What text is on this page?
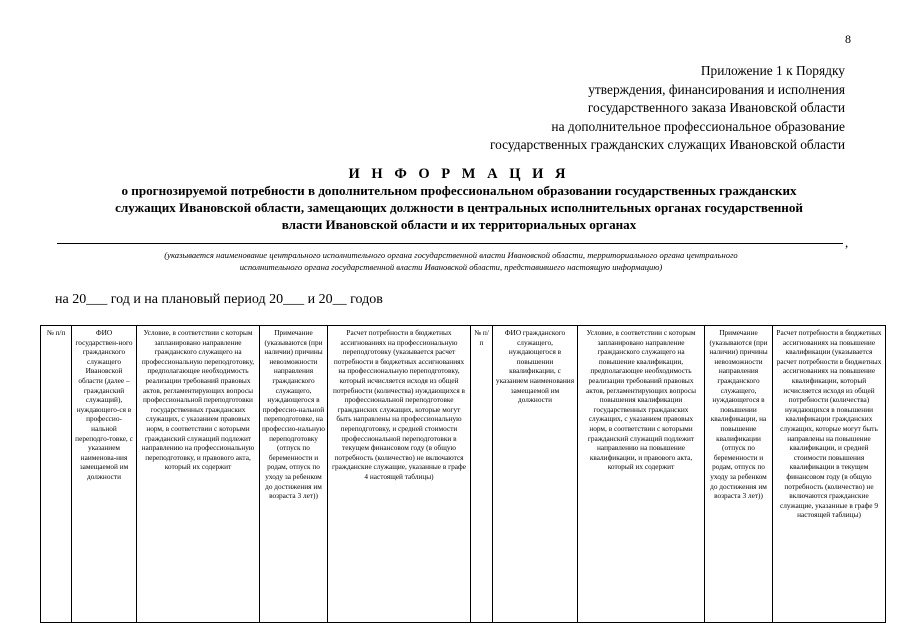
8
Приложение 1 к Порядку
утверждения, финансирования и исполнения
государственного заказа Ивановской области
на дополнительное профессиональное образование
государственных гражданских служащих Ивановской области
И Н Ф О Р М А Ц И Я
о прогнозируемой потребности в дополнительном профессиональном образовании государственных гражданских
служащих Ивановской области, замещающих должности в центральных исполнительных органах государственной
власти Ивановской области и их территориальных органах
,
(указывается наименование центрального исполнительного органа государственной власти Ивановской области, территориального органа центрального
исполнительного органа государственной власти Ивановской области, представившего настоящую информацию)
на 20___ год и на плановый период 20___ и 20__ годов
№ п/п	ФИО государствен-ного гражданского служащего Ивановской области (далее – гражданский служащий), нуждающего-ся в профессио-нальной переподго-товке, с указанием наименова-ния замещаемой им должности	Условие, в соответствии с которым запланировано направление гражданского служащего на профессиональную переподготовку, предполагающее необходимость реализации требований правовых актов, регламентирующих вопросы профессиональной переподготовки государственных гражданских служащих, с указанием правовых норм, в соответствии с которыми гражданский служащий подлежит направлению на профессиональную переподготовку, и правового акта, который их содержит	Примечание (указываются (при наличии) причины невозможности направления гражданского служащего, нуждающегося в профессио-нальной переподготовке, на профессио-нальную переподготовку (отпуск по беременности и родам, отпуск по уходу за ребенком до достижения им возраста 3 лет))	Расчет потребности в бюджетных ассигнованиях на профессиональную переподготовку (указывается расчет потребности в бюджетных ассигнованиях на профессиональную переподготовку, который исчисляется исходя из общей потребности (количества) нуждающихся в профессиональной переподготовке гражданских служащих, которые могут быть направлены на профессиональную переподготовку, и средней стоимости профессиональной переподготовки в текущем финансовом году (в общую потребность (количество) не включаются гражданские служащие, указанные в графе 4 настоящей таблицы)	№ п/п	ФИО гражданского служащего, нуждающегося в повышении квалификации, с указанием наименования замещаемой им должности	Условие, в соответствии с которым запланировано направление гражданского служащего на повышение квалификации, предполагающее необходимость реализации требований правовых актов, регламентирующих вопросы повышения квалификации государственных гражданских служащих, с указанием правовых норм, в соответствии с которыми гражданский служащий подлежит направлению на повышение квалификации, и правового акта, который их содержит	Примечание (указываются (при наличии) причины невозможности направления гражданского служащего, нуждающегося в повышении квалификации, на повышение квалификации (отпуск по беременности и родам, отпуск по уходу за ребенком до достижения им возраста 3 лет))	Расчет потребности в бюджетных ассигнованиях на повышение квалификации (указывается расчет потребности в бюджетных ассигнованиях на повышение квалификации, который исчисляется исходя из общей потребности (количества) нуждающихся в повышении квалификации гражданских служащих, которые могут быть направлены на повышение квалификации, и средней стоимости повышения квалификации в текущем финансовом году (в общую потребность (количество) не включаются гражданские служащие, указанные в графе 9 настоящей таблицы)
